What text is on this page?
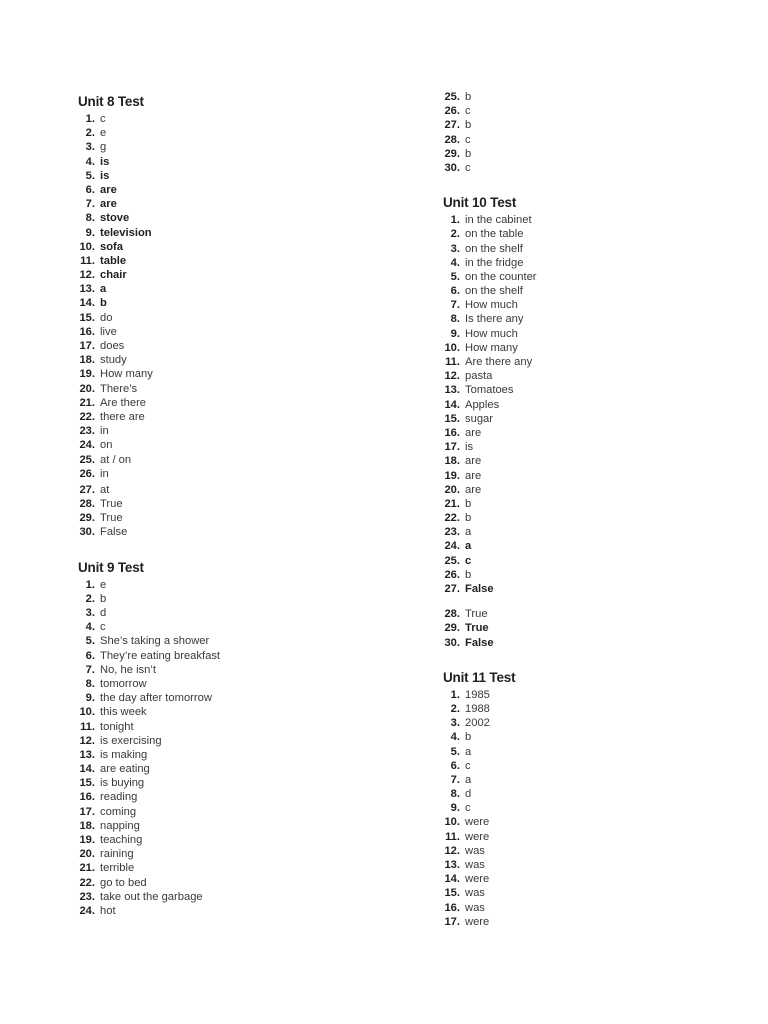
Unit 8 Test
1. c
2. e
3. g
4. is
5. is
6. are
7. are
8. stove
9. television
10. sofa
11. table
12. chair
13. a
14. b
15. do
16. live
17. does
18. study
19. How many
20. There’s
21. Are there
22. there are
23. in
24. on
25. at / on
26. in
27. at
28. True
29. True
30. False
Unit 9 Test
1. e
2. b
3. d
4. c
5. She’s taking a shower
6. They’re eating breakfast
7. No, he isn’t
8. tomorrow
9. the day after tomorrow
10. this week
11. tonight
12. is exercising
13. is making
14. are eating
15. is buying
16. reading
17. coming
18. napping
19. teaching
20. raining
21. terrible
22. go to bed
23. take out the garbage
24. hot
25. b
26. c
27. b
28. c
29. b
30. c
Unit 10 Test
1. in the cabinet
2. on the table
3. on the shelf
4. in the fridge
5. on the counter
6. on the shelf
7. How much
8. Is there any
9. How much
10. How many
11. Are there any
12. pasta
13. Tomatoes
14. Apples
15. sugar
16. are
17. is
18. are
19. are
20. are
21. b
22. b
23. a
24. a
25. c
26. b
27. False
28. True
29. True
30. False
Unit 11 Test
1. 1985
2. 1988
3. 2002
4. b
5. a
6. c
7. a
8. d
9. c
10. were
11. were
12. was
13. was
14. were
15. was
16. was
17. were
